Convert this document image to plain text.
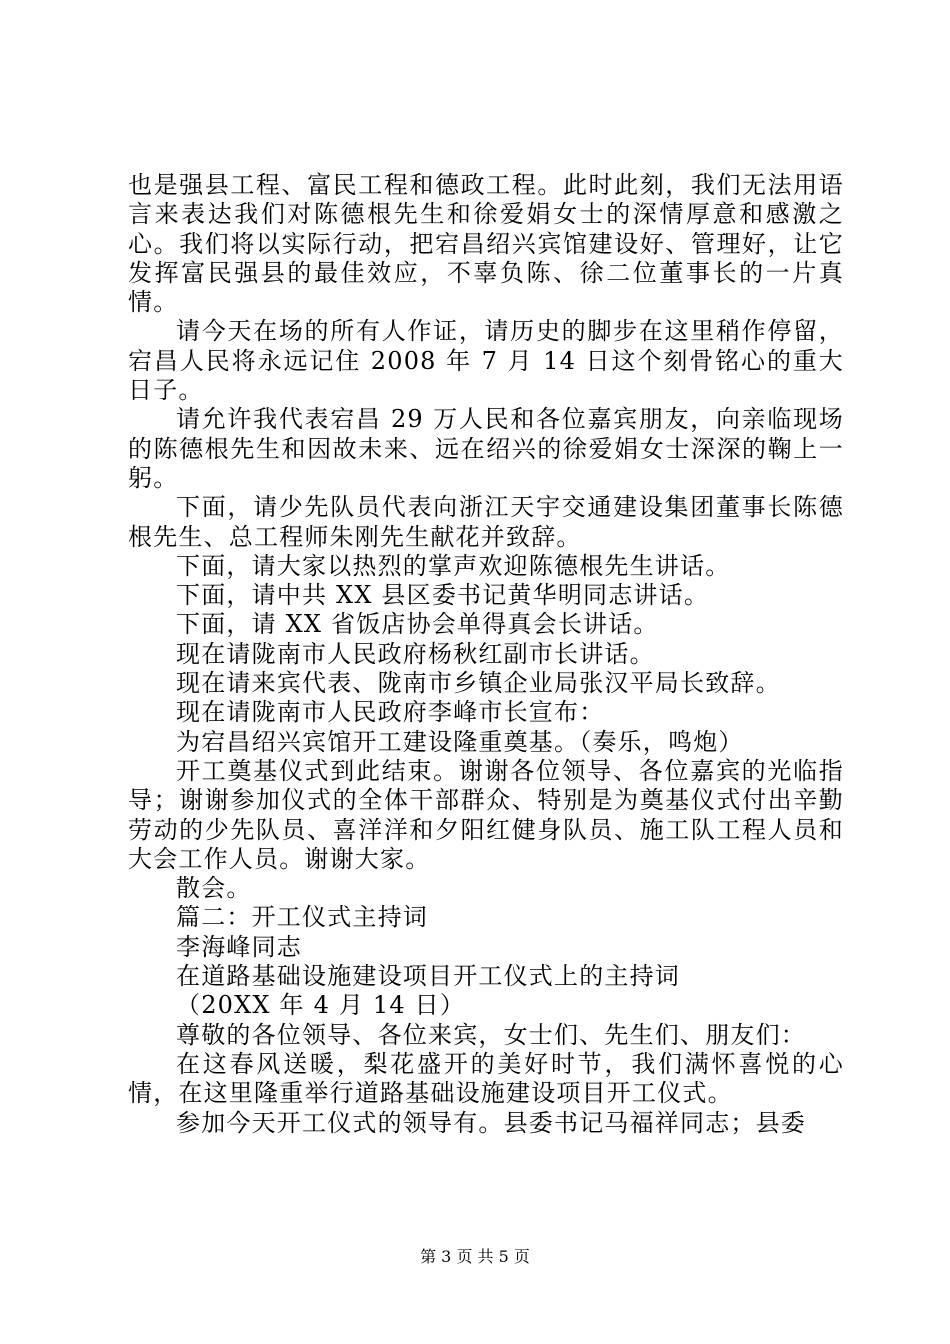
也是强县工程、富民工程和德政工程。此时此刻，我们无法用语言来表达我们对陈德根先生和徐爱娟女士的深情厚意和感激之心。我们将以实际行动，把宕昌绍兴宾馆建设好、管理好，让它发挥富民强县的最佳效应，不辜负陈、徐二位董事长的一片真情。

请今天在场的所有人作证，请历史的脚步在这里稍作停留，宕昌人民将永远记住 2008 年 7 月 14 日这个刻骨铭心的重大日子。

请允许我代表宕昌 29 万人民和各位嘉宾朋友，向亲临现场的陈德根先生和因故未来、远在绍兴的徐爱娟女士深深的鞠上一躬。

下面，请少先队员代表向浙江天宇交通建设集团董事长陈德根先生、总工程师朱刚先生献花并致辞。

下面，请大家以热烈的掌声欢迎陈德根先生讲话。

下面，请中共 XX 县区委书记黄华明同志讲话。

下面，请 XX 省饭店协会单得真会长讲话。

现在请陇南市人民政府杨秋红副市长讲话。

现在请来宾代表、陇南市乡镇企业局张汉平局长致辞。

现在请陇南市人民政府李峰市长宣布：

为宕昌绍兴宾馆开工建设隆重奠基。（奏乐，鸣炮）

开工奠基仪式到此结束。谢谢各位领导、各位嘉宾的光临指导；谢谢参加仪式的全体干部群众、特别是为奠基仪式付出辛勤劳动的少先队员、喜洋洋和夕阳红健身队员、施工队工程人员和大会工作人员。谢谢大家。

散会。

篇二：开工仪式主持词

李海峰同志

在道路基础设施建设项目开工仪式上的主持词

（20XX 年 4 月 14 日）

尊敬的各位领导、各位来宾，女士们、先生们、朋友们：

在这春风送暖，梨花盛开的美好时节，我们满怀喜悦的心情，在这里隆重举行道路基础设施建设项目开工仪式。

参加今天开工仪式的领导有。县委书记马福祥同志；县委

第 3 页 共 5 页
